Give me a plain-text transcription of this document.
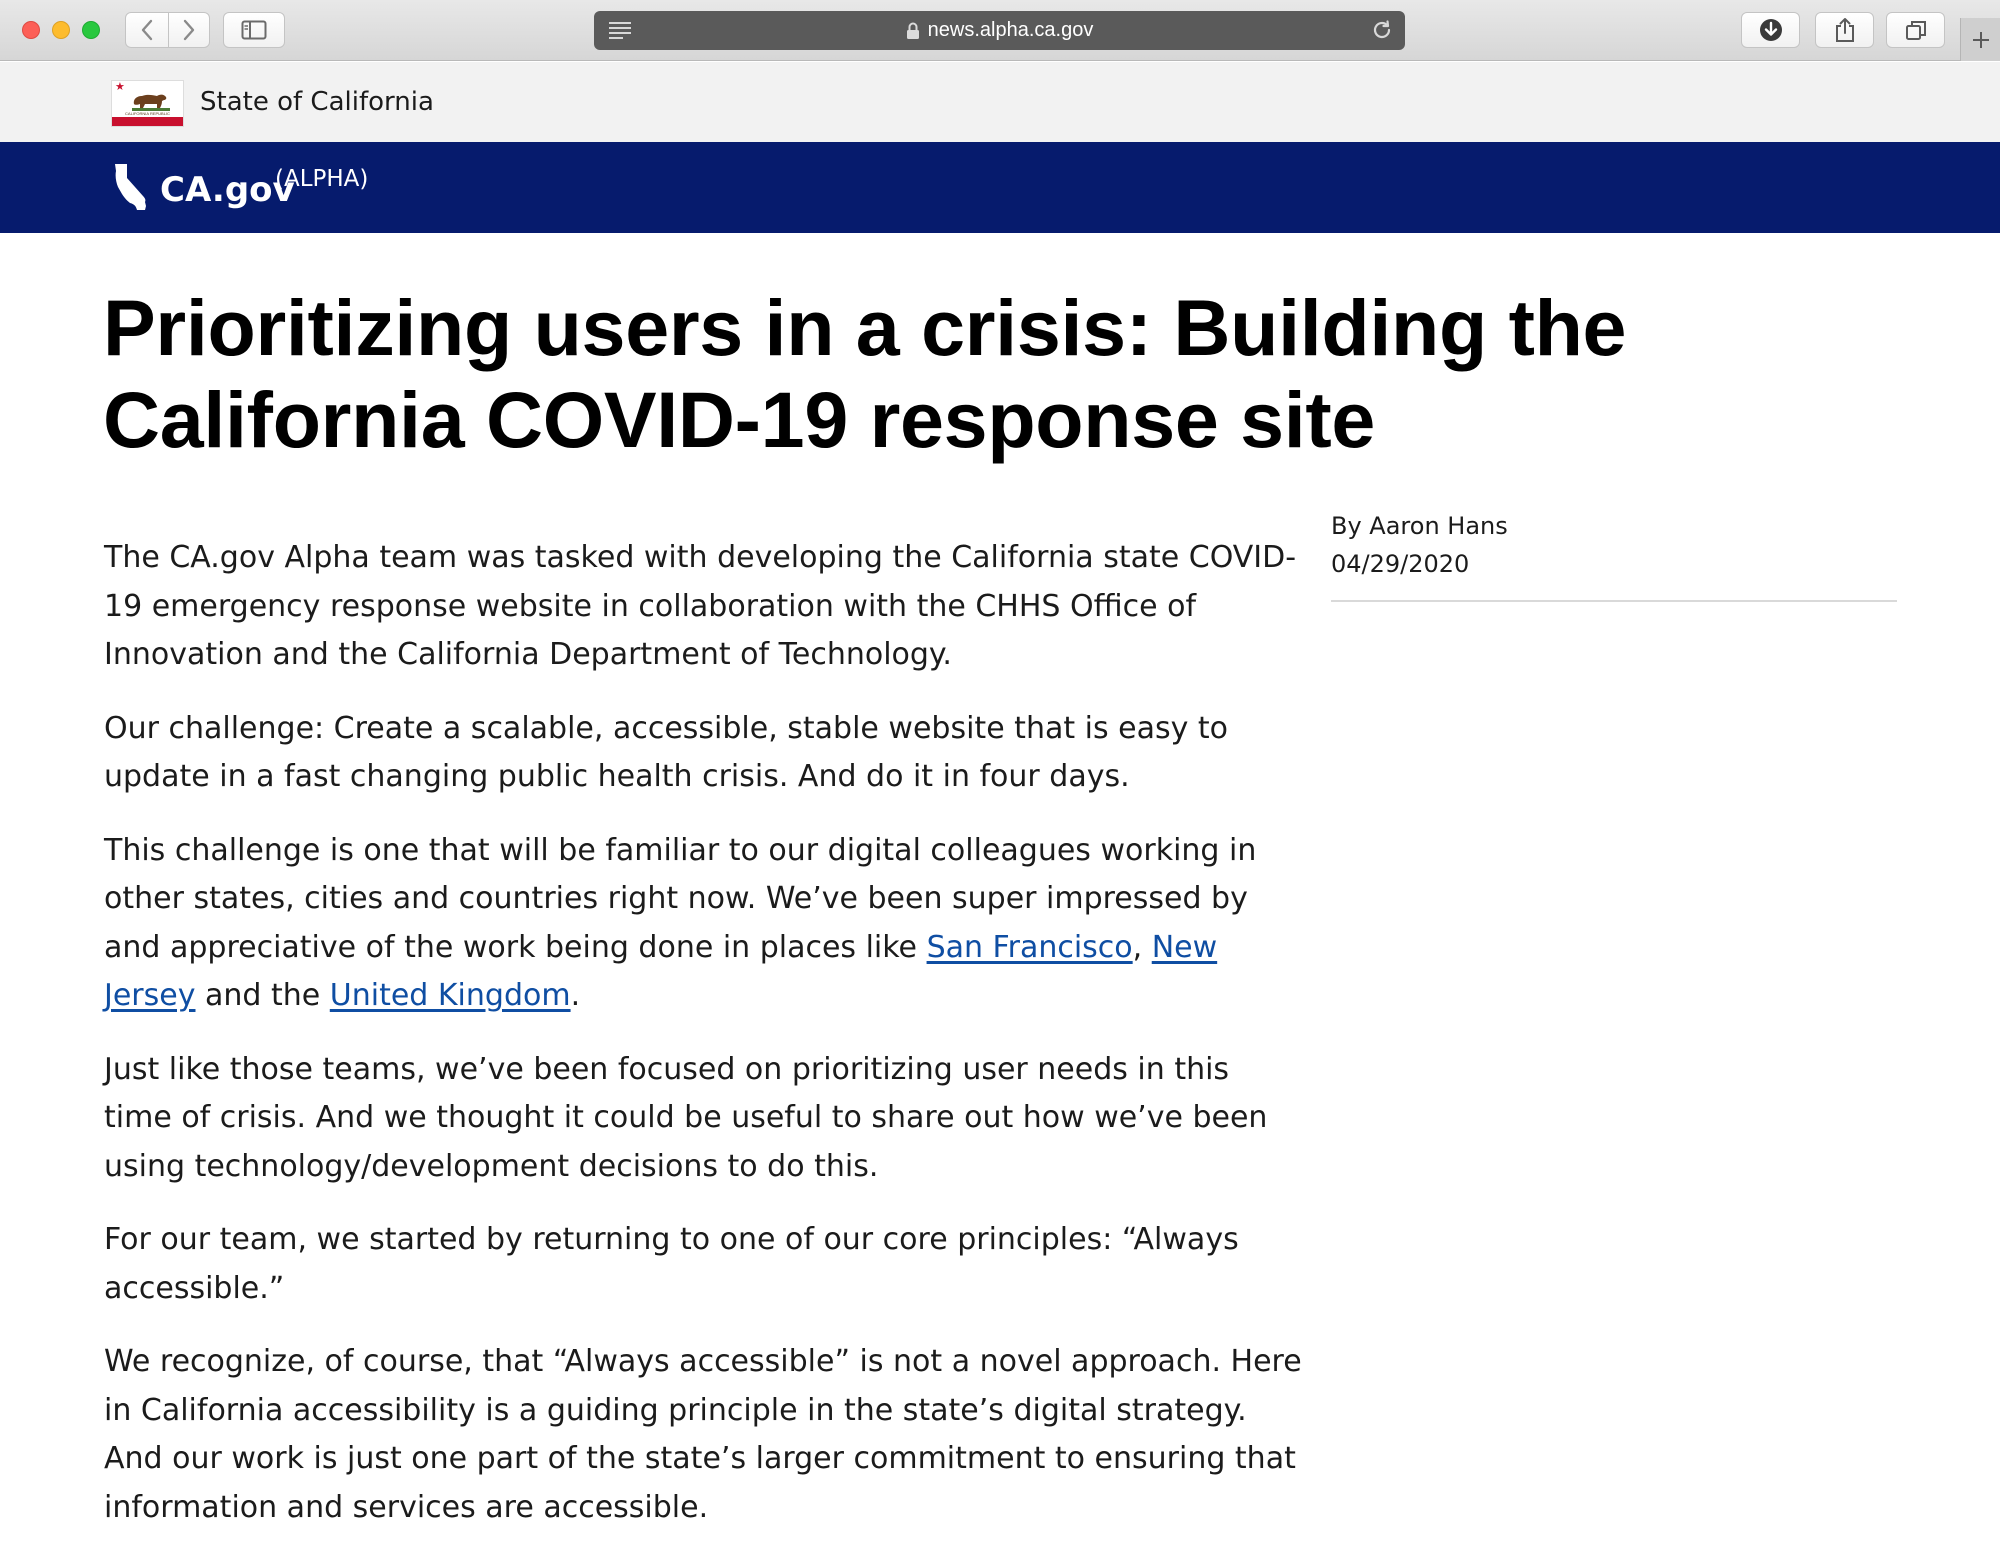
news.alpha.ca.gov
★
CALIFORNIA REPUBLIC	State of California
CA.gov
(ALPHA)
Prioritizing users in a crisis: Building the California COVID-19 response site
By Aaron Hans
04/29/2020

The CA.gov Alpha team was tasked with developing the California state COVID-19 emergency response website in collaboration with the CHHS Office of Innovation and the California Department of Technology.

Our challenge: Create a scalable, accessible, stable website that is easy to update in a fast changing public health crisis. And do it in four days.

This challenge is one that will be familiar to our digital colleagues working in other states, cities and countries right now. We’ve been super impressed by and appreciative of the work being done in places like San Francisco, New Jersey and the United Kingdom.

Just like those teams, we’ve been focused on prioritizing user needs in this time of crisis. And we thought it could be useful to share out how we’ve been using technology/development decisions to do this.

For our team, we started by returning to one of our core principles: “Always accessible.”

We recognize, of course, that “Always accessible” is not a novel approach. Here in California accessibility is a guiding principle in the state’s digital strategy. And our work is just one part of the state’s larger commitment to ensuring that information and services are accessible.
